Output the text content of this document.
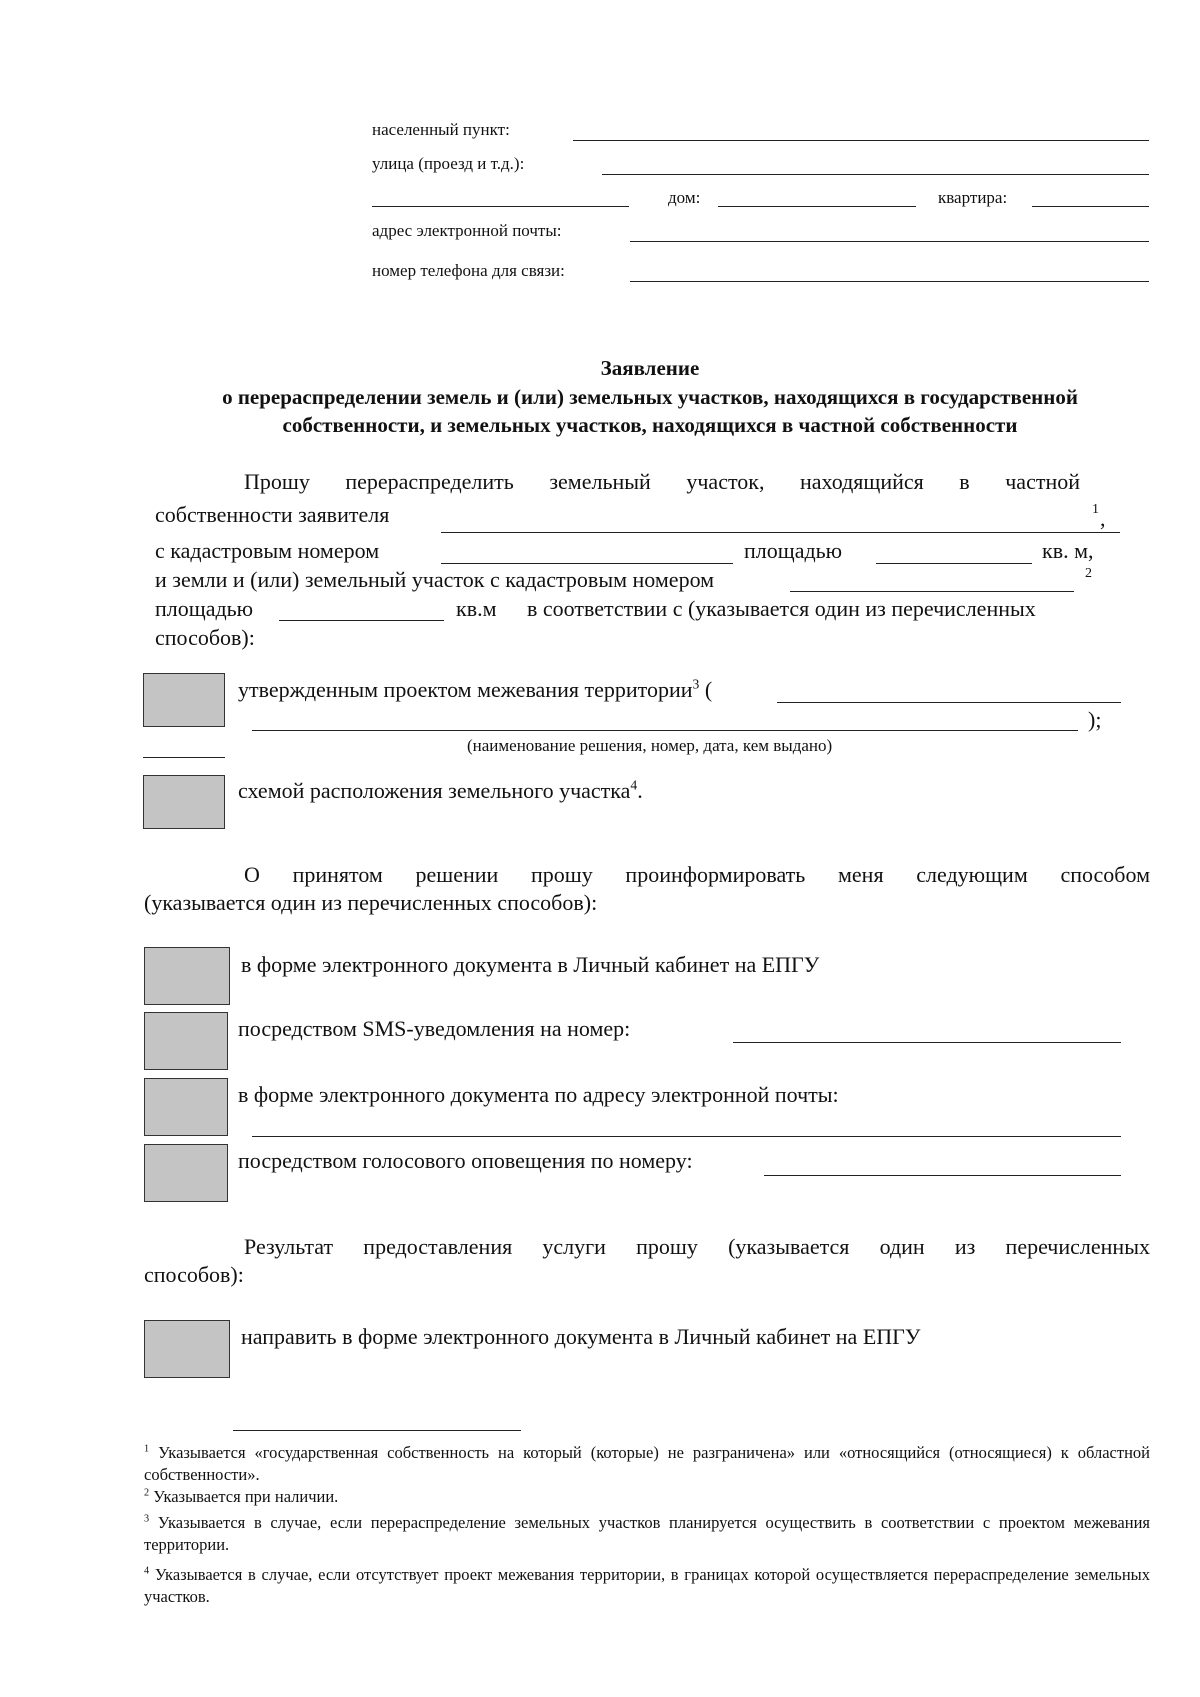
населенный пункт:
улица (проезд и т.д.):
дом:	квартира:
адрес электронной почты:
номер телефона для связи:
Заявление
о перераспределении земель и (или) земельных участков, находящихся в государственной
собственности, и земельных участков, находящихся в частной собственности
Прошу перераспределить земельный участок, находящийся в частной
собственности заявителя	1 ,
с кадастровым номером	площадью	кв. м,
и земли и (или) земельный участок с кадастровым номером	2
площадью	кв.м в соответствии с (указывается один из перечисленных
способов):
утвержденным проектом межевания территории$^3$ (
);
(наименование решения, номер, дата, кем выдано)
схемой расположения земельного участка$^4$.
О принятом решении прошу проинформировать меня следующим способом
(указывается один из перечисленных способов):
в форме электронного документа в Личный кабинет на ЕПГУ
посредством SMS-уведомления на номер:
в форме электронного документа по адресу электронной почты:
посредством голосового оповещения по номеру:
Результат предоставления услуги прошу (указывается один из перечисленных
способов):
направить в форме электронного документа в Личный кабинет на ЕПГУ
$^1$ Указывается «государственная собственность на который (которые) не разграничена» или «относящийся (относящиеся) к областной собственности».
$^2$ Указывается при наличии.
$^3$ Указывается в случае, если перераспределение земельных участков планируется осуществить в соответствии с проектом межевания территории.
$^4$ Указывается в случае, если отсутствует проект межевания территории, в границах которой осуществляется перераспределение земельных участков.
